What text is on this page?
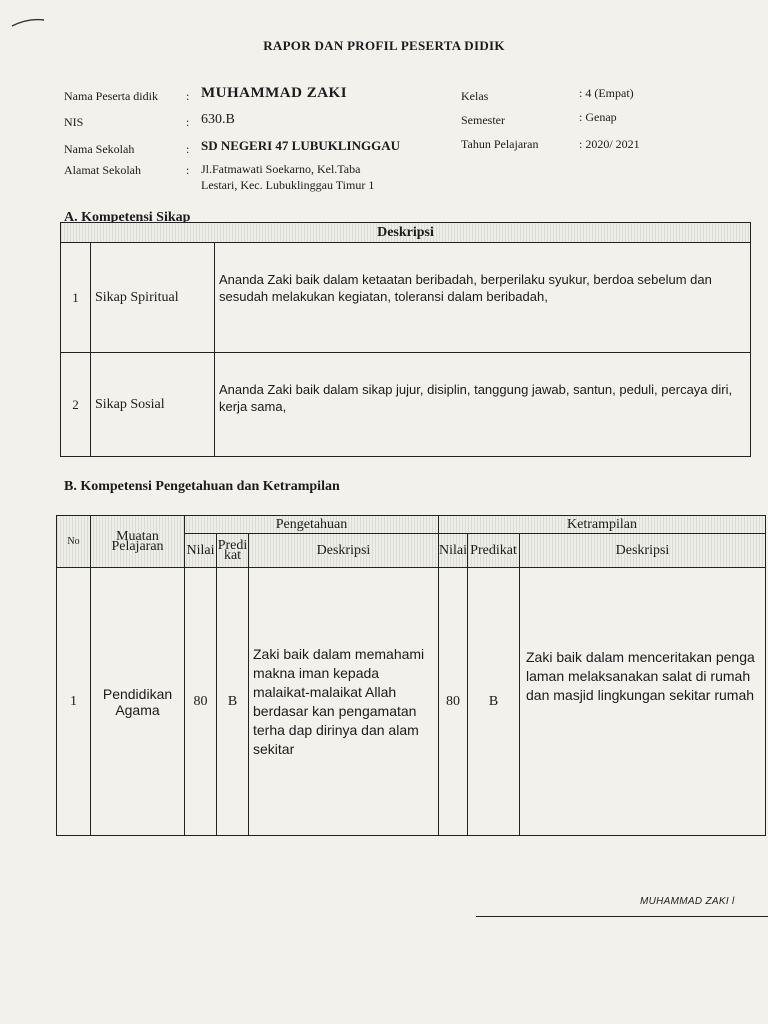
RAPOR DAN PROFIL PESERTA DIDIK
Nama Peserta didik : MUHAMMAD ZAKI
NIS	: 630.B
Nama Sekolah	: SD NEGERI 47 LUBUKLINGGAU
Alamat Sekolah	: Jl.Fatmawati Soekarno, Kel.Taba
Lestari, Kec. Lubuklinggau Timur 1
Kelas	: 4 (Empat)
Semester	: Genap
Tahun Pelajaran	: 2020/ 2021
A. Kompetensi Sikap
Deskripsi		
1	Sikap Spiritual	Ananda Zaki baik dalam ketaatan beribadah, berperilaku syukur, berdoa sebelum dan sesudah melakukan kegiatan, toleransi dalam beribadah,
2	Sikap Sosial	Ananda Zaki baik dalam sikap jujur, disiplin, tanggung jawab, santun, peduli, percaya diri, kerja sama,
B. Kompetensi Pengetahuan dan Ketrampilan
No	Muatan Pelajaran	Pengetahuan			Ketrampilan		
		Nilai	Predi kat	Deskripsi	Nilai	Predikat	Deskripsi
1	Pendidikan Agama	80	B	Zaki baik dalam memahami makna iman kepada malaikat-malaikat Allah berdasar kan pengamatan terha dap dirinya dan alam sekitar	80	B	Zaki baik dalam menceritakan penga laman melaksanakan salat di rumah dan masjid lingkungan sekitar rumah
MUHAMMAD ZAKI l
